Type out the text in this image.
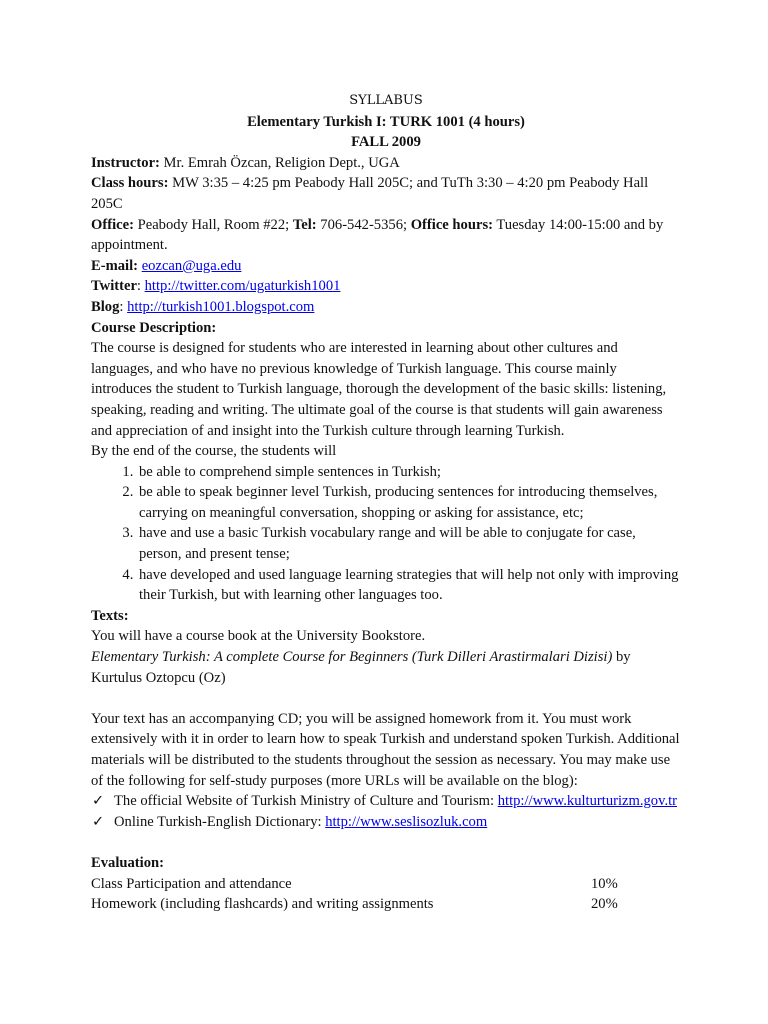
SYLLABUS

Elementary Turkish I: TURK 1001 (4 hours)

FALL 2009

Instructor: Mr. Emrah Özcan, Religion Dept., UGA

Class hours: MW 3:35 – 4:25 pm Peabody Hall 205C; and TuTh 3:30 – 4:20 pm Peabody Hall 205C

Office: Peabody Hall, Room #22; Tel: 706-542-5356; Office hours: Tuesday 14:00-15:00 and by appointment.

E-mail: eozcan@uga.edu

Twitter: http://twitter.com/ugaturkish1001

Blog: http://turkish1001.blogspot.com

Course Description:

The course is designed for students who are interested in learning about other cultures and languages, and who have no previous knowledge of Turkish language. This course mainly introduces the student to Turkish language, thorough the development of the basic skills: listening, speaking, reading and writing. The ultimate goal of the course is that students will gain awareness and appreciation of and insight into the Turkish culture through learning Turkish.

By the end of the course, the students will

1. be able to comprehend simple sentences in Turkish;
2. be able to speak beginner level Turkish, producing sentences for introducing themselves, carrying on meaningful conversation, shopping or asking for assistance, etc;
3. have and use a basic Turkish vocabulary range and will be able to conjugate for case, person, and present tense;
4. have developed and used language learning strategies that will help not only with improving their Turkish, but with learning other languages too.

Texts:

You will have a course book at the University Bookstore.

Elementary Turkish: A complete Course for Beginners (Turk Dilleri Arastirmalari Dizisi) by Kurtulus Oztopcu (Oz)

Your text has an accompanying CD; you will be assigned homework from it. You must work extensively with it in order to learn how to speak Turkish and understand spoken Turkish. Additional materials will be distributed to the students throughout the session as necessary. You may make use of the following for self-study purposes (more URLs will be available on the blog):

✓ The official Website of Turkish Ministry of Culture and Tourism: http://www.kulturturizm.gov.tr
✓ Online Turkish-English Dictionary: http://www.seslisozluk.com

Evaluation:

Class Participation and attendance	10%
Homework (including flashcards) and writing assignments	20%
